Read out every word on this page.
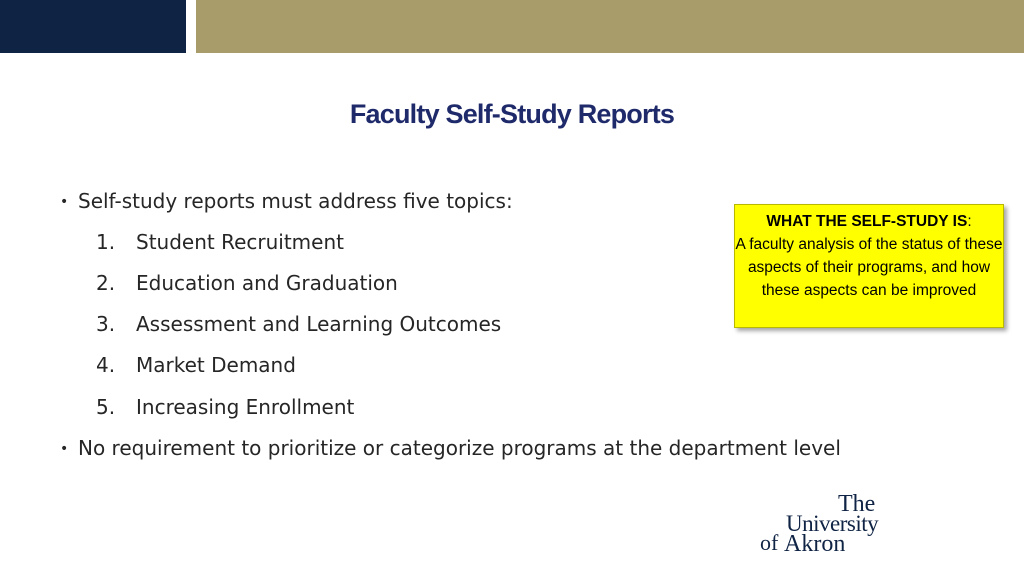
Faculty Self-Study Reports
• Self-study reports must address five topics:
1. Student Recruitment
2. Education and Graduation
3. Assessment and Learning Outcomes
4. Market Demand
5. Increasing Enrollment
• No requirement to prioritize or categorize programs at the department level
WHAT THE SELF-STUDY IS:
A faculty analysis of the status of these aspects of their programs, and how these aspects can be improved
The
University
of Akron
